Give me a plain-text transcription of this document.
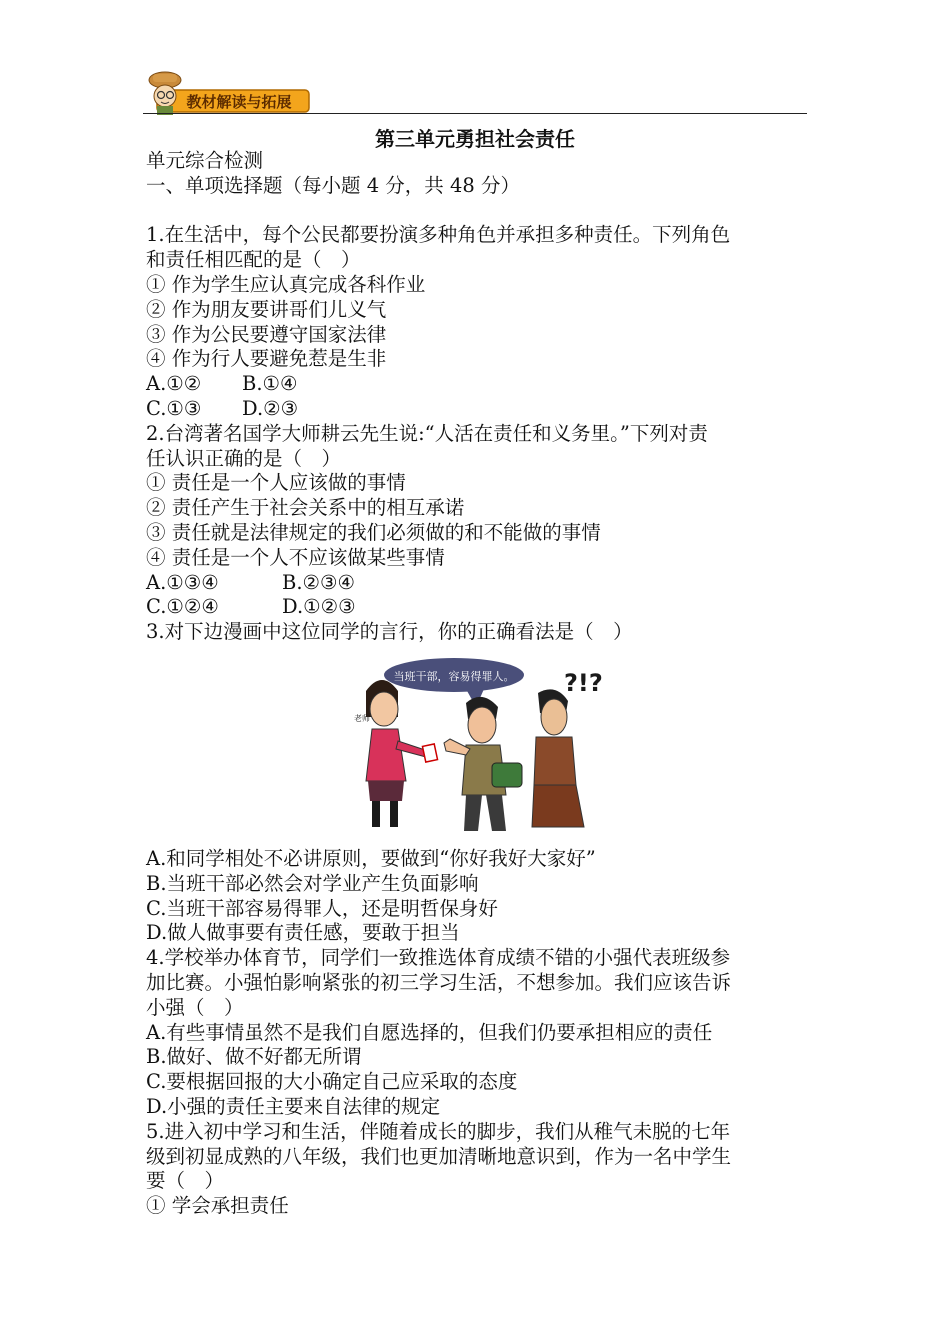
教材解读与拓展
第三单元勇担社会责任
单元综合检测
一、单项选择题（每小题 4 分，共 48 分）
1.在生活中，每个公民都要扮演多种角色并承担多种责任。下列角色
和责任相匹配的是（　）
① 作为学生应认真完成各科作业
② 作为朋友要讲哥们儿义气
③ 作为公民要遵守国家法律
④ 作为行人要避免惹是生非
A.①②	B.①④
C.①③	D.②③
2.台湾著名国学大师耕云先生说:“人活在责任和义务里。”下列对责
任认识正确的是（　）
① 责任是一个人应该做的事情
② 责任产生于社会关系中的相互承诺
③ 责任就是法律规定的我们必须做的和不能做的事情
④ 责任是一个人不应该做某些事情
A.①③④	B.②③④
C.①②④	D.①②③
3.对下边漫画中这位同学的言行，你的正确看法是（　）
当班干部，容易得罪人。 ?!?
老师
A.和同学相处不必讲原则，要做到“你好我好大家好”
B.当班干部必然会对学业产生负面影响
C.当班干部容易得罪人，还是明哲保身好
D.做人做事要有责任感，要敢于担当
4.学校举办体育节，同学们一致推选体育成绩不错的小强代表班级参
加比赛。小强怕影响紧张的初三学习生活，不想参加。我们应该告诉
小强（　）
A.有些事情虽然不是我们自愿选择的，但我们仍要承担相应的责任
B.做好、做不好都无所谓
C.要根据回报的大小确定自己应采取的态度
D.小强的责任主要来自法律的规定
5.进入初中学习和生活，伴随着成长的脚步，我们从稚气未脱的七年
级到初显成熟的八年级，我们也更加清晰地意识到，作为一名中学生
要（　）
① 学会承担责任
